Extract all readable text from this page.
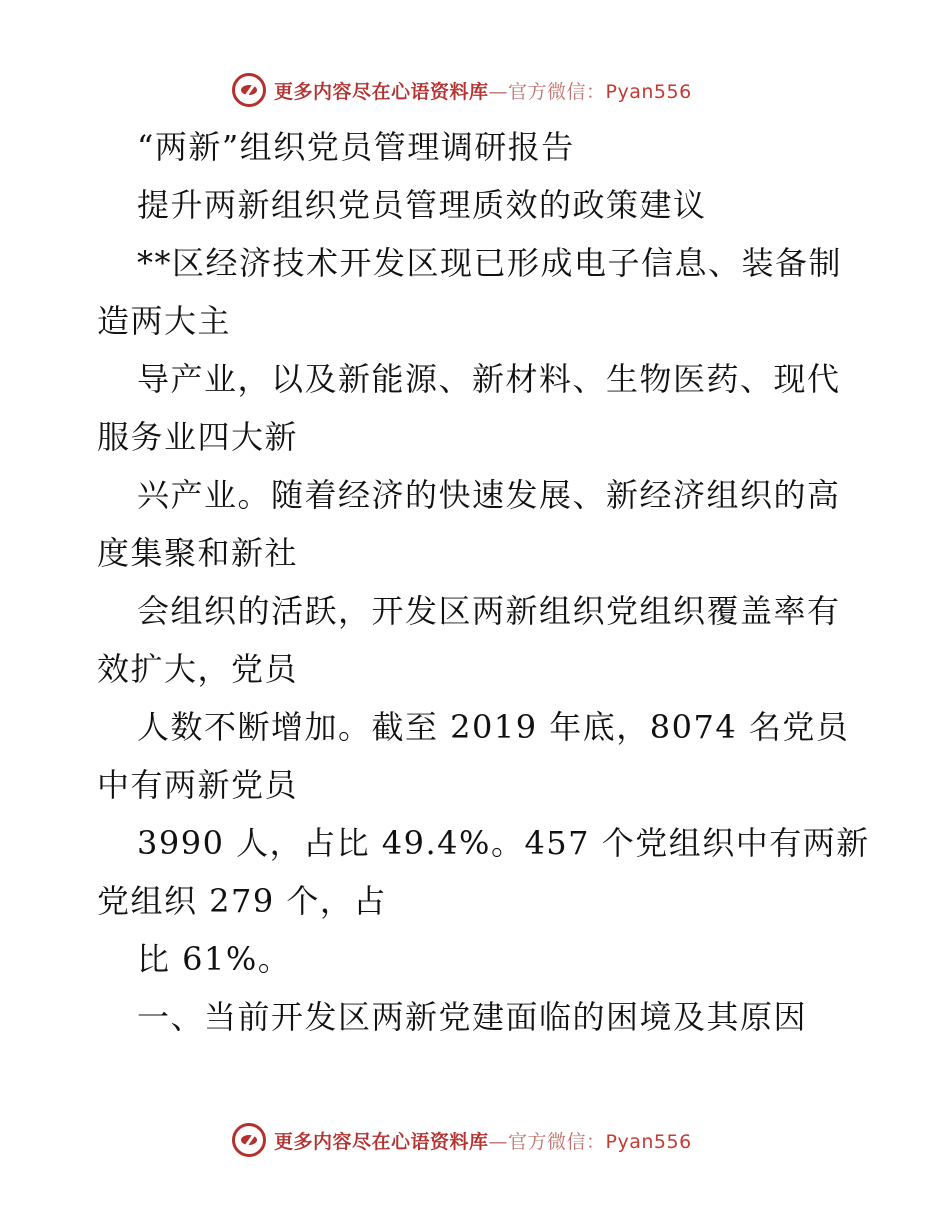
更多内容尽在心语资料库—官方微信：Pyan556
“两新”组织党员管理调研报告
提升两新组织党员管理质效的政策建议
**区经济技术开发区现已形成电子信息、装备制
造两大主
导产业，以及新能源、新材料、生物医药、现代
服务业四大新
兴产业。随着经济的快速发展、新经济组织的高
度集聚和新社
会组织的活跃，开发区两新组织党组织覆盖率有
效扩大，党员
人数不断增加。截至 2019 年底，8074 名党员
中有两新党员
3990 人，占比 49.4%。457 个党组织中有两新
党组织 279 个，占
比 61%。
一、当前开发区两新党建面临的困境及其原因
更多内容尽在心语资料库—官方微信：Pyan556
